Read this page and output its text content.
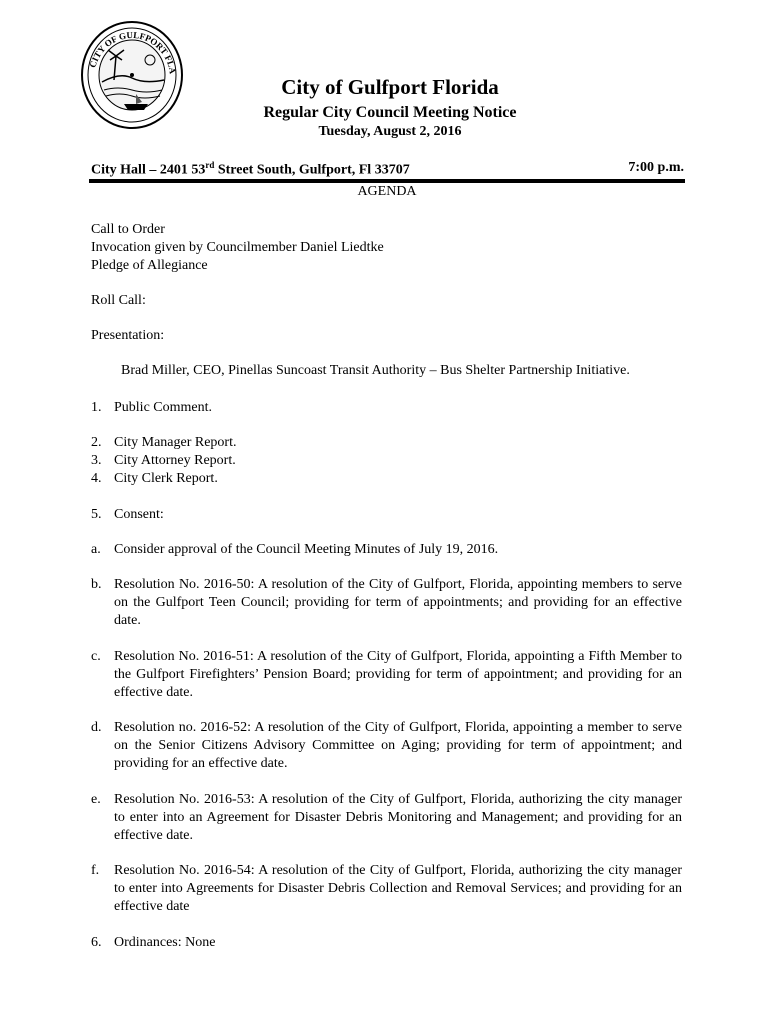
CITY OF GULFPORT FLA
City of Gulfport Florida
Regular City Council Meeting Notice
Tuesday, August 2, 2016
City Hall – 2401 53rd Street South, Gulfport, Fl 33707	7:00 p.m.
AGENDA
Call to Order
Invocation given by Councilmember Daniel Liedtke
Pledge of Allegiance
Roll Call:
Presentation:
Brad Miller, CEO, Pinellas Suncoast Transit Authority – Bus Shelter Partnership Initiative.
1. Public Comment.
2. City Manager Report.
3. City Attorney Report.
4. City Clerk Report.
5. Consent:
a. Consider approval of the Council Meeting Minutes of July 19, 2016.
b. Resolution No. 2016-50: A resolution of the City of Gulfport, Florida, appointing members to serve on the Gulfport Teen Council; providing for term of appointments; and providing for an effective date.
c. Resolution No. 2016-51: A resolution of the City of Gulfport, Florida, appointing a Fifth Member to the Gulfport Firefighters’ Pension Board; providing for term of appointment; and providing for an effective date.
d. Resolution no. 2016-52: A resolution of the City of Gulfport, Florida, appointing a member to serve on the Senior Citizens Advisory Committee on Aging; providing for term of appointment; and providing for an effective date.
e. Resolution No. 2016-53: A resolution of the City of Gulfport, Florida, authorizing the city manager to enter into an Agreement for Disaster Debris Monitoring and Management; and providing for an effective date.
f. Resolution No. 2016-54: A resolution of the City of Gulfport, Florida, authorizing the city manager to enter into Agreements for Disaster Debris Collection and Removal Services; and providing for an effective date
6. Ordinances: None
